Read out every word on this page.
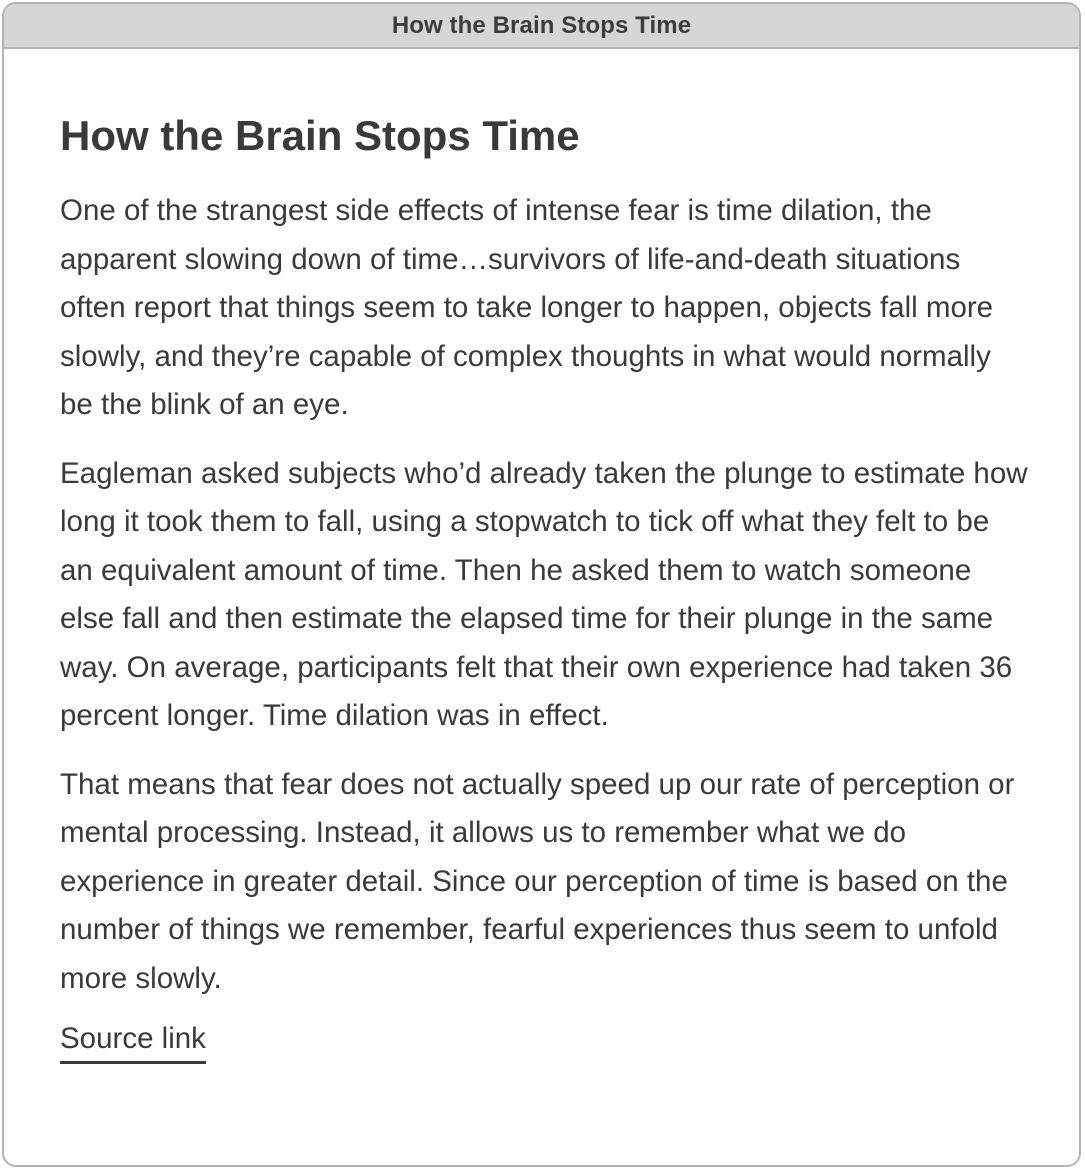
How the Brain Stops Time
How the Brain Stops Time

One of the strangest side effects of intense fear is time dilation, the apparent slowing down of time…survivors of life-and-death situations often report that things seem to take longer to happen, objects fall more slowly, and they’re capable of complex thoughts in what would normally be the blink of an eye.

Eagleman asked subjects who’d already taken the plunge to estimate how long it took them to fall, using a stopwatch to tick off what they felt to be an equivalent amount of time. Then he asked them to watch someone else fall and then estimate the elapsed time for their plunge in the same way. On average, participants felt that their own experience had taken 36 percent longer. Time dilation was in effect.

That means that fear does not actually speed up our rate of perception or mental processing. Instead, it allows us to remember what we do experience in greater detail. Since our perception of time is based on the number of things we remember, fearful experiences thus seem to unfold more slowly.

Source link
